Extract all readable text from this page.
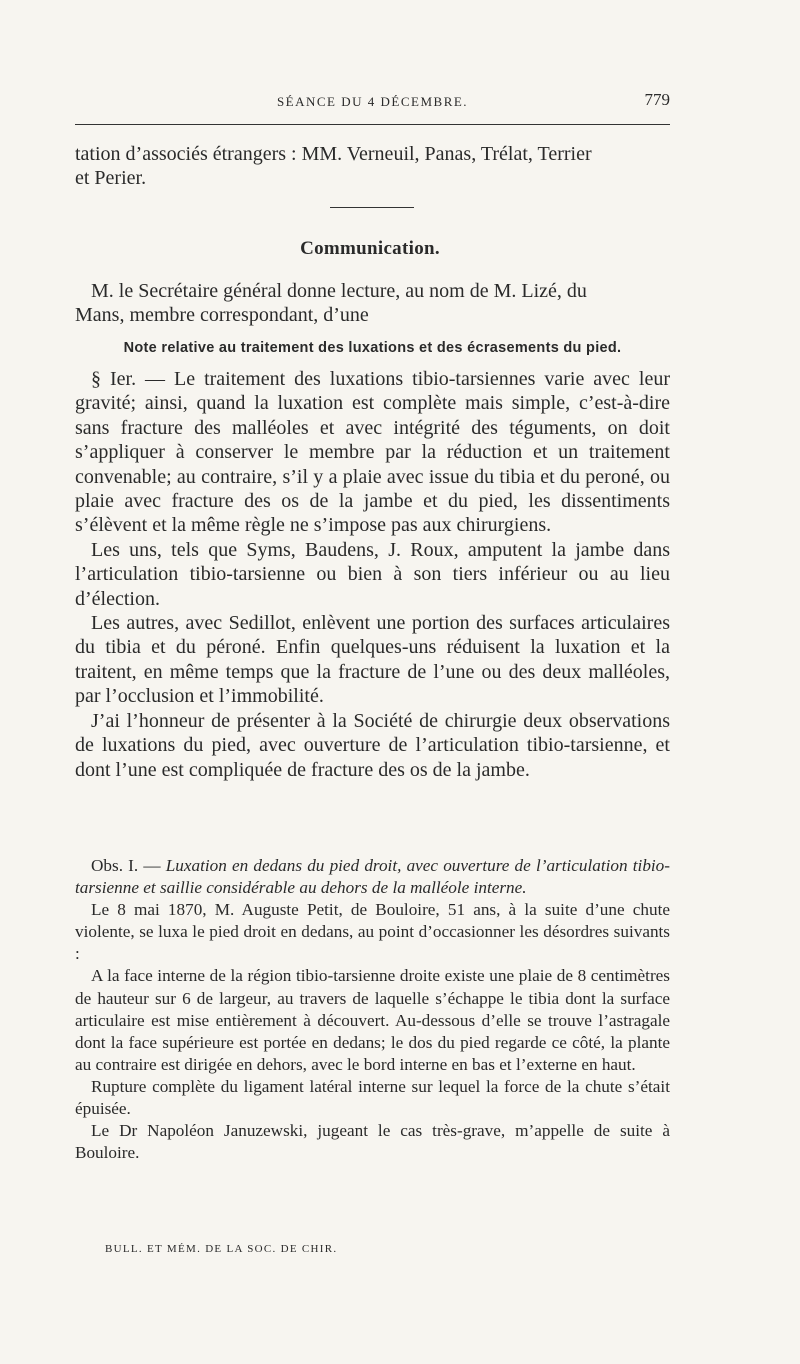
SÉANCE DU 4 DÉCEMBRE.	779

tation d’associés étrangers : MM. Verneuil, Panas, Trélat, Terrier

et Perier.

Communication.

M. le Secrétaire général donne lecture, au nom de M. Lizé, du

Mans, membre correspondant, d’une

Note relative au traitement des luxations et des écrasements du pied.

§ Ier. — Le traitement des luxations tibio-tarsiennes varie avec leur gravité; ainsi, quand la luxation est complète mais simple, c’est-à-dire sans fracture des malléoles et avec intégrité des téguments, on doit s’appliquer à conserver le membre par la réduction et un traitement convenable; au contraire, s’il y a plaie avec issue du tibia et du peroné, ou plaie avec fracture des os de la jambe et du pied, les dissentiments s’élèvent et la même règle ne s’impose pas aux chirurgiens.

Les uns, tels que Syms, Baudens, J. Roux, amputent la jambe dans l’articulation tibio-tarsienne ou bien à son tiers inférieur ou au lieu d’élection.

Les autres, avec Sedillot, enlèvent une portion des surfaces articulaires du tibia et du péroné. Enfin quelques-uns réduisent la luxation et la traitent, en même temps que la fracture de l’une ou des deux malléoles, par l’occlusion et l’immobilité.

J’ai l’honneur de présenter à la Société de chirurgie deux observations de luxations du pied, avec ouverture de l’articulation tibio-tarsienne, et dont l’une est compliquée de fracture des os de la jambe.

Obs. I. — Luxation en dedans du pied droit, avec ouverture de l’articulation tibio-tarsienne et saillie considérable au dehors de la malléole interne.

Le 8 mai 1870, M. Auguste Petit, de Bouloire, 51 ans, à la suite d’une chute violente, se luxa le pied droit en dedans, au point d’occasionner les désordres suivants :

A la face interne de la région tibio-tarsienne droite existe une plaie de 8 centimètres de hauteur sur 6 de largeur, au travers de laquelle s’échappe le tibia dont la surface articulaire est mise entièrement à découvert. Au-dessous d’elle se trouve l’astragale dont la face supérieure est portée en dedans; le dos du pied regarde ce côté, la plante au contraire est dirigée en dehors, avec le bord interne en bas et l’externe en haut.

Rupture complète du ligament latéral interne sur lequel la force de la chute s’était épuisée.

Le Dr Napoléon Januzewski, jugeant le cas très-grave, m’appelle de suite à Bouloire.

BULL. ET MÉM. DE LA SOC. DE CHIR.
